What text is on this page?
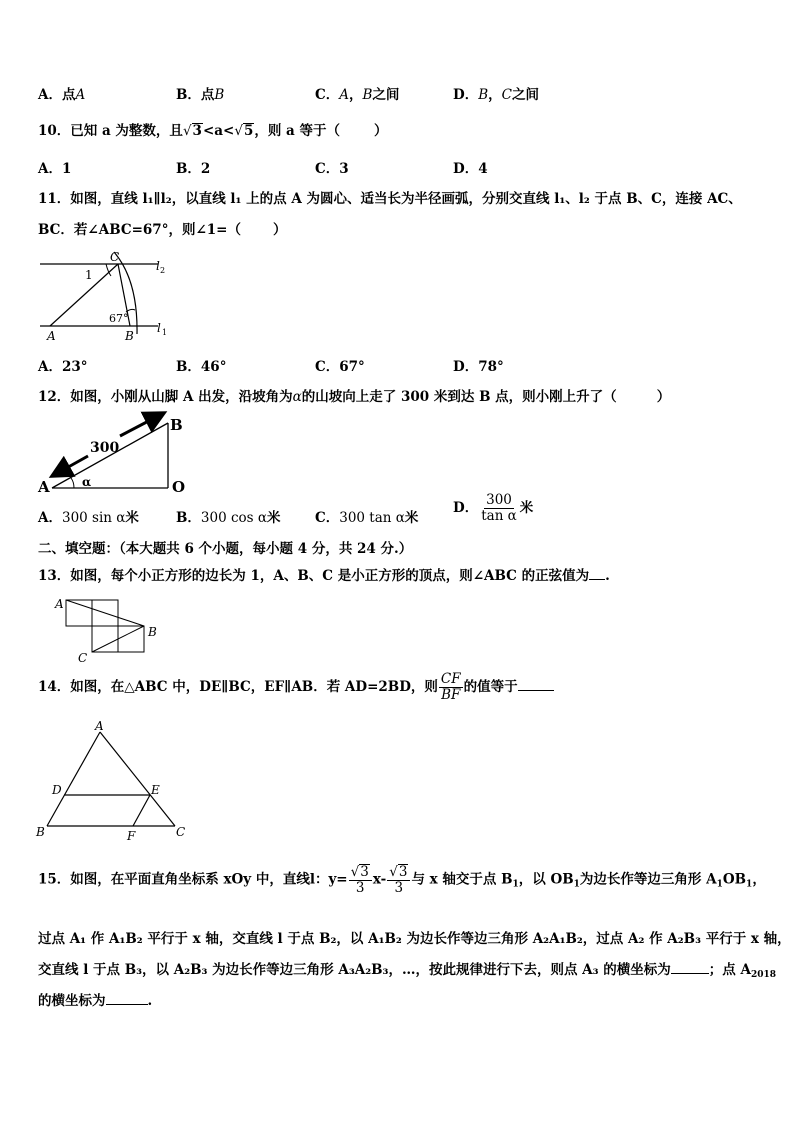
A．点A	B．点B	C．A，B之间	D．B，C之间
10．已知 a 为整数，且√3<a<√5，则 a 等于（	）
A．1	B．2	C．3	D．4
11．如图，直线 l₁∥l₂，以直线 l₁ 上的点 A 为圆心、适当长为半径画弧，分别交直线 l₁、l₂ 于点 B、C，连接 AC、
BC．若∠ABC=67°，则∠1=（ ）
C
l 2
1
67°
A	B
l 1
A．23°	B．46°	C．67°	D．78°
12．如图，小刚从山脚 A 出发，沿坡角为α的山坡向上走了 300 米到达 B 点，则小刚上升了（	）
B
300
A	α	O
A．300 sin α米	B．300 cos α米	C．300 tan α米
D． $\frac{300}{\text{tan α}}$ 米
二、填空题：（本大题共 6 个小题，每小题 4 分，共 24 分.）
13．如图，每个小正方形的边长为 1，A、B、C 是小正方形的顶点，则∠ABC 的正弦值为 .
A
B
C
14．如图，在△ABC 中，DE∥BC，EF∥AB．若 AD=2BD，则 $\frac{CF}{BF}$ 的值等于
A
D	E
B	F	C
15．如图，在平面直角坐标系 xOy 中，直线l：$y= \frac{√3}{3} x- \frac{√3}{3}$ 与 x 轴交于点 $B_1$，以 $OB_1$为边长作等边三角形 $A_1OB_1$，
过点 A₁ 作 A₁B₂ 平行于 x 轴，交直线 l 于点 B₂，以 A₁B₂ 为边长作等边三角形 A₂A₁B₂，过点 A₂ 作 A₂B₃ 平行于 x 轴，
交直线 l 于点 B₃，以 A₂B₃ 为边长作等边三角形 A₃A₂B₃，…，按此规律进行下去，则点 A₃ 的横坐标为	；点 $A_{2018}$
的横坐标为	.
